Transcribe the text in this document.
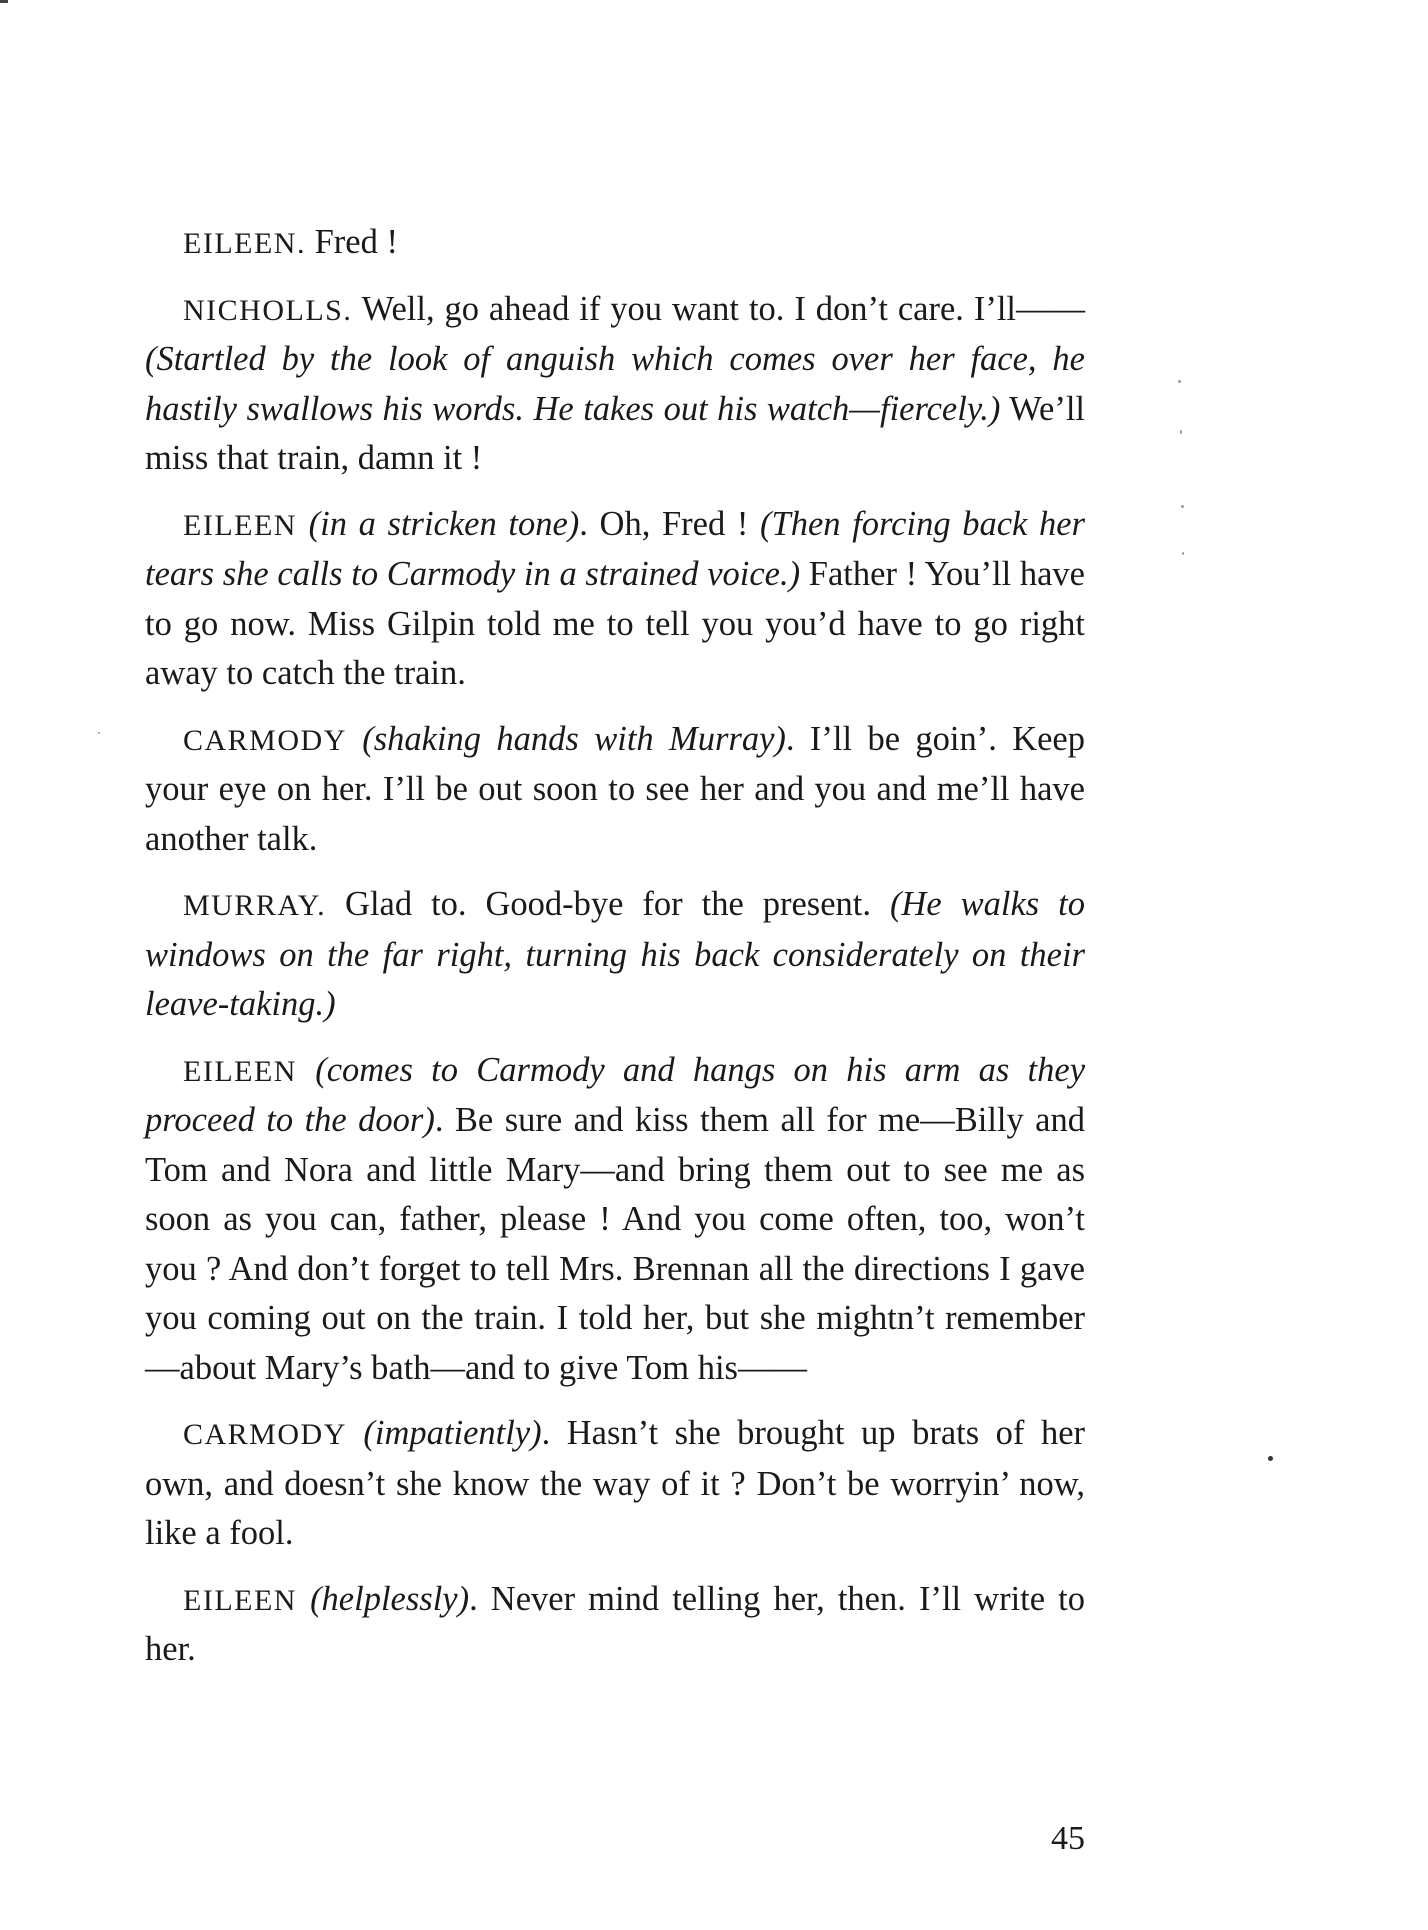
EILEEN. Fred !

NICHOLLS. Well, go ahead if you want to. I don’t care. I’ll—— (Startled by the look of anguish which comes over her face, he hastily swallows his words. He takes out his watch—fiercely.) We’ll miss that train, damn it !

EILEEN (in a stricken tone). Oh, Fred ! (Then forcing back her tears she calls to Carmody in a strained voice.) Father ! You’ll have to go now. Miss Gilpin told me to tell you you’d have to go right away to catch the train.

CARMODY (shaking hands with Murray). I’ll be goin’. Keep your eye on her. I’ll be out soon to see her and you and me’ll have another talk.

MURRAY. Glad to. Good-bye for the present. (He walks to windows on the far right, turning his back considerately on their leave-taking.)

EILEEN (comes to Carmody and hangs on his arm as they proceed to the door). Be sure and kiss them all for me—Billy and Tom and Nora and little Mary—and bring them out to see me as soon as you can, father, please ! And you come often, too, won’t you ? And don’t forget to tell Mrs. Brennan all the directions I gave you coming out on the train. I told her, but she mightn’t remember—about Mary’s bath—and to give Tom his——

CARMODY (impatiently). Hasn’t she brought up brats of her own, and doesn’t she know the way of it ? Don’t be worryin’ now, like a fool.

EILEEN (helplessly). Never mind telling her, then. I’ll write to her.

45
